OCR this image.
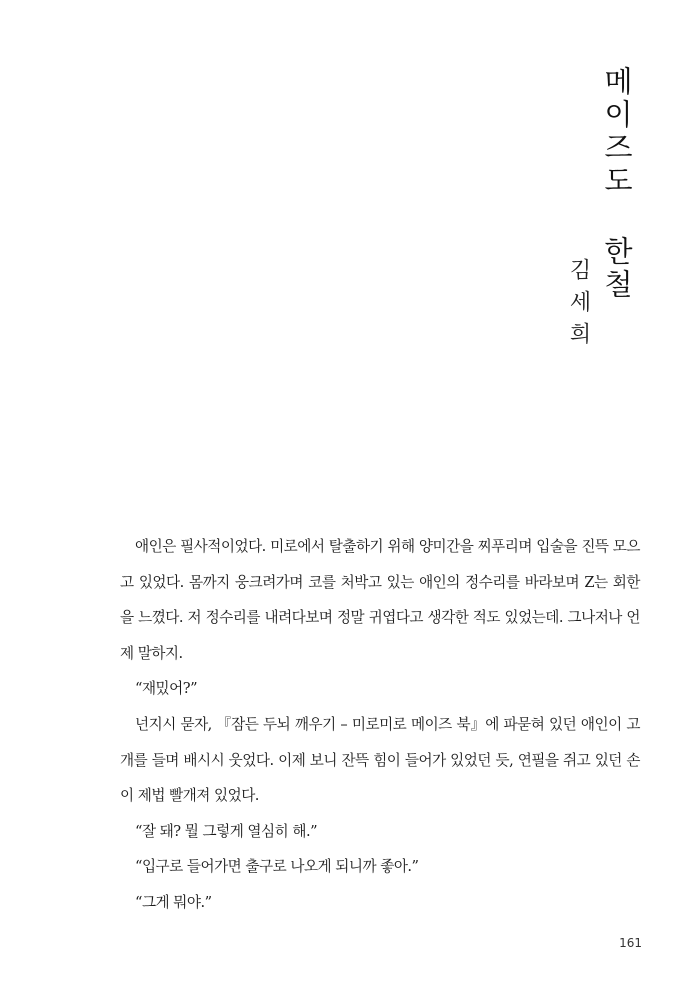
메이즈도 한철
김세희

애인은 필사적이었다. 미로에서 탈출하기 위해 양미간을 찌푸리며 입술을 진뜩 모으고 있었다. 몸까지 웅크려가며 코를 처박고 있는 애인의 정수리를 바라보며 Z는 회한을 느꼈다. 저 정수리를 내려다보며 정말 귀엽다고 생각한 적도 있었는데. 그나저나 언제 말하지.

“재밌어?”

넌지시 묻자, 『잠든 두뇌 깨우기 – 미로미로 메이즈 북』에 파묻혀 있던 애인이 고개를 들며 배시시 웃었다. 이제 보니 잔뜩 힘이 들어가 있었던 듯, 연필을 쥐고 있던 손이 제법 빨개져 있었다.

“잘 돼? 뭘 그렇게 열심히 해.”

“입구로 들어가면 출구로 나오게 되니까 좋아.”

“그게 뭐야.”

161
